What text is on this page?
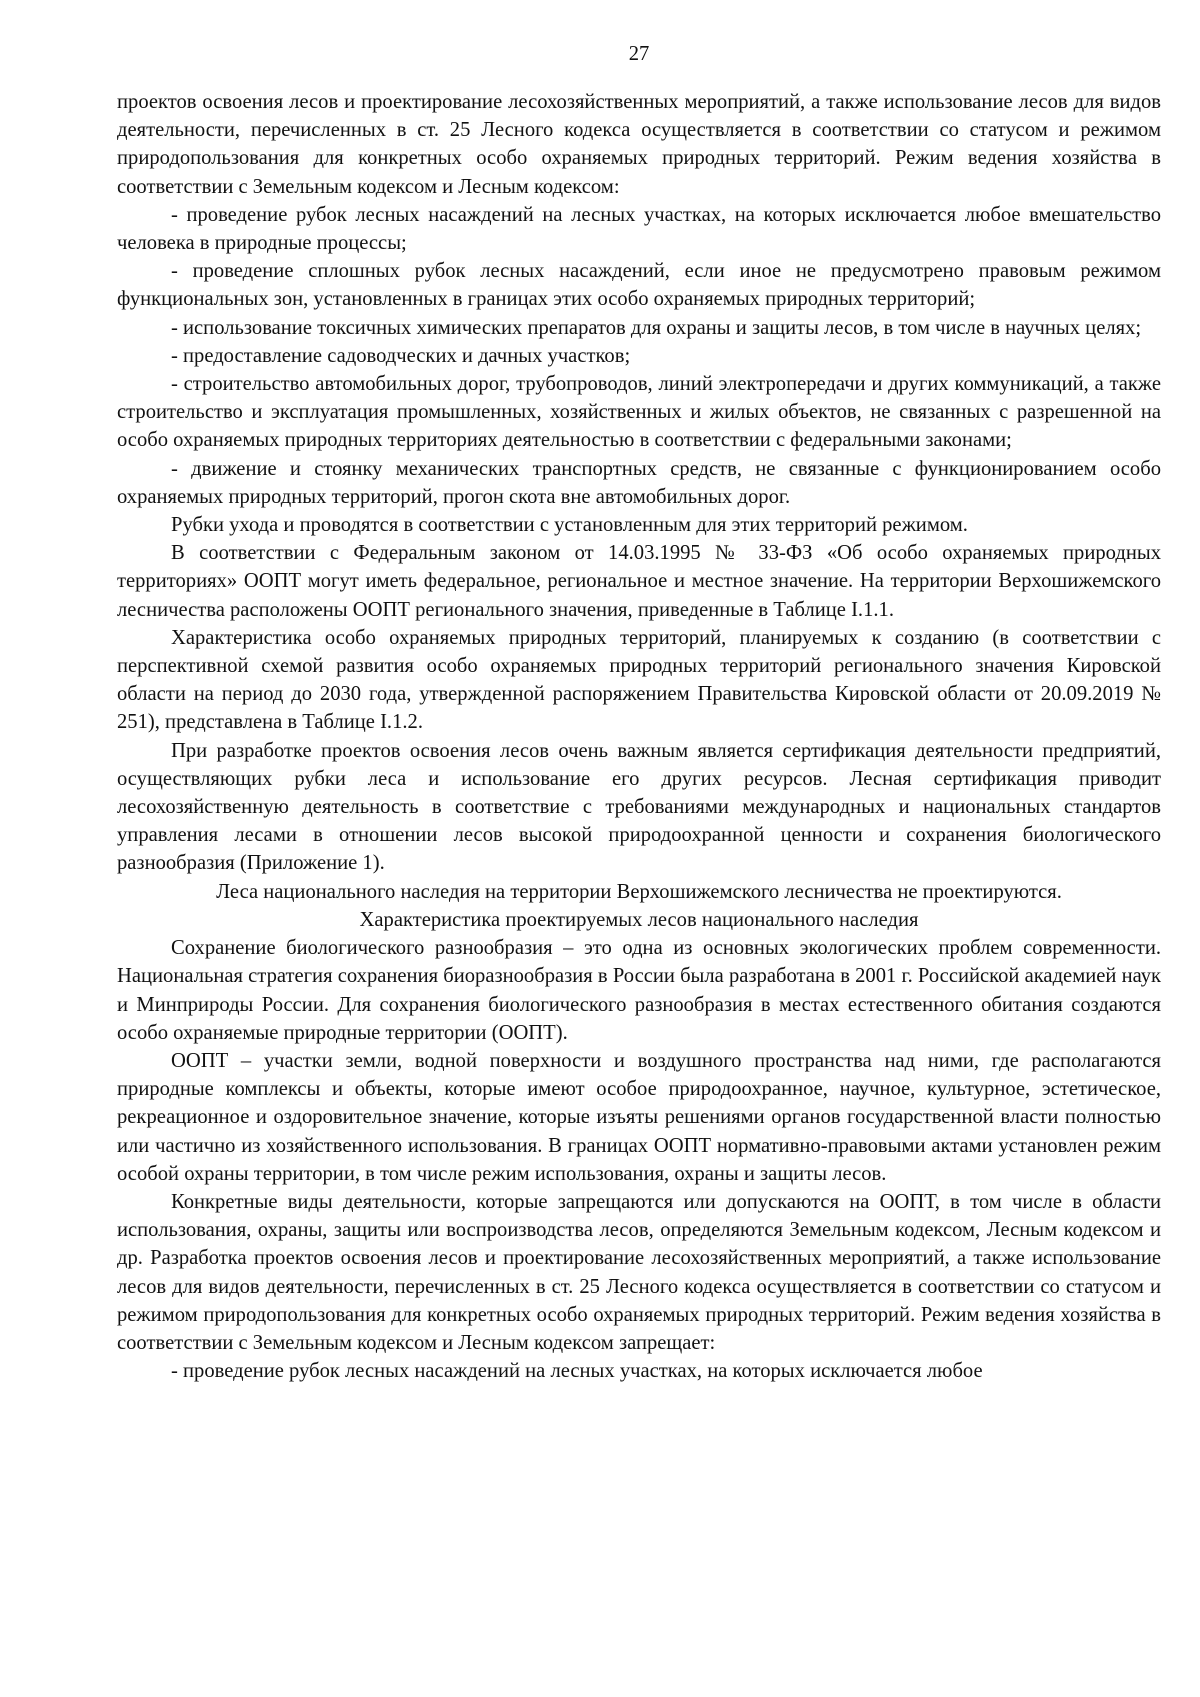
27

проектов освоения лесов и проектирование лесохозяйственных мероприятий, а также использование лесов для видов деятельности, перечисленных в ст. 25 Лесного кодекса осуществляется в соответствии со статусом и режимом природопользования для конкретных особо охраняемых природных территорий. Режим ведения хозяйства в соответствии с Земельным кодексом и Лесным кодексом:

- проведение рубок лесных насаждений на лесных участках, на которых исключается любое вмешательство человека в природные процессы;

- проведение сплошных рубок лесных насаждений, если иное не предусмотрено правовым режимом функциональных зон, установленных в границах этих особо охраняемых природных территорий;

- использование токсичных химических препаратов для охраны и защиты лесов, в том числе в научных целях;

- предоставление садоводческих и дачных участков;

- строительство автомобильных дорог, трубопроводов, линий электропередачи и других коммуникаций, а также строительство и эксплуатация промышленных, хозяйственных и жилых объектов, не связанных с разрешенной на особо охраняемых природных территориях деятельностью в соответствии с федеральными законами;

- движение и стоянку механических транспортных средств, не связанные с функционированием особо охраняемых природных территорий, прогон скота вне автомобильных дорог.

Рубки ухода и проводятся в соответствии с установленным для этих территорий режимом.

В соответствии с Федеральным законом от 14.03.1995 № 33-ФЗ «Об особо охраняемых природных территориях» ООПТ могут иметь федеральное, региональное и местное значение. На территории Верхошижемского лесничества расположены ООПТ регионального значения, приведенные в Таблице I.1.1.

Характеристика особо охраняемых природных территорий, планируемых к созданию (в соответствии с перспективной схемой развития особо охраняемых природных территорий регионального значения Кировской области на период до 2030 года, утвержденной распоряжением Правительства Кировской области от 20.09.2019 № 251), представлена в Таблице I.1.2.

При разработке проектов освоения лесов очень важным является сертификация деятельности предприятий, осуществляющих рубки леса и использование его других ресурсов. Лесная сертификация приводит лесохозяйственную деятельность в соответствие с требованиями международных и национальных стандартов управления лесами в отношении лесов высокой природоохранной ценности и сохранения биологического разнообразия (Приложение 1).

Леса национального наследия на территории Верхошижемского лесничества не проектируются.

Характеристика проектируемых лесов национального наследия

Сохранение биологического разнообразия – это одна из основных экологических проблем современности. Национальная стратегия сохранения биоразнообразия в России была разработана в 2001 г. Российской академией наук и Минприроды России. Для сохранения биологического разнообразия в местах естественного обитания создаются особо охраняемые природные территории (ООПТ).

ООПТ – участки земли, водной поверхности и воздушного пространства над ними, где располагаются природные комплексы и объекты, которые имеют особое природоохранное, научное, культурное, эстетическое, рекреационное и оздоровительное значение, которые изъяты решениями органов государственной власти полностью или частично из хозяйственного использования. В границах ООПТ нормативно-правовыми актами установлен режим особой охраны территории, в том числе режим использования, охраны и защиты лесов.

Конкретные виды деятельности, которые запрещаются или допускаются на ООПТ, в том числе в области использования, охраны, защиты или воспроизводства лесов, определяются Земельным кодексом, Лесным кодексом и др. Разработка проектов освоения лесов и проектирование лесохозяйственных мероприятий, а также использование лесов для видов деятельности, перечисленных в ст. 25 Лесного кодекса осуществляется в соответствии со статусом и режимом природопользования для конкретных особо охраняемых природных территорий. Режим ведения хозяйства в соответствии с Земельным кодексом и Лесным кодексом запрещает:

- проведение рубок лесных насаждений на лесных участках, на которых исключается любое
